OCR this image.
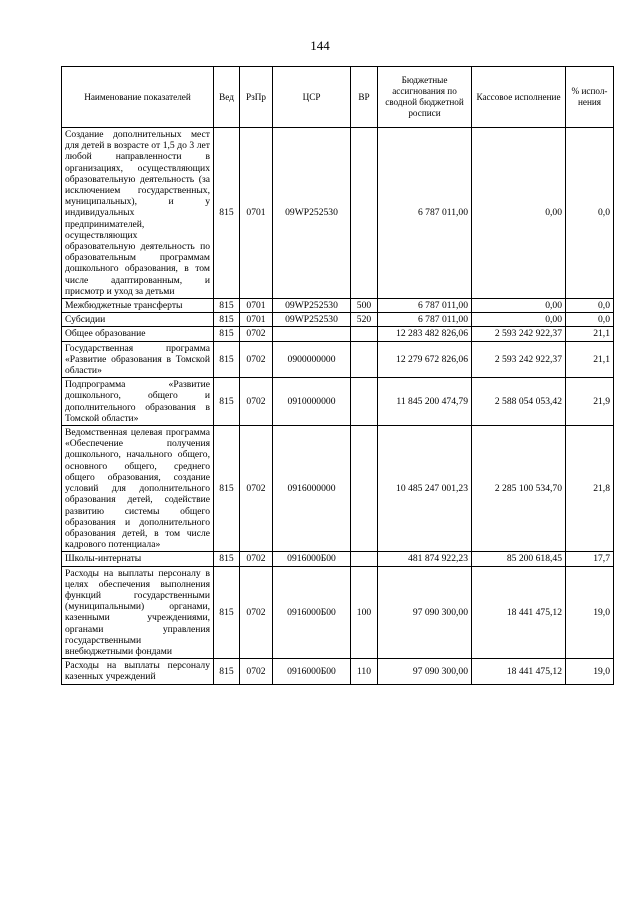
144
Наименование показателей	Вед	РзПр	ЦСР	ВР	Бюджетные ассигнования по сводной бюджетной росписи	Кассовое исполнение	% испол-нения
Создание дополнительных мест для детей в возрасте от 1,5 до 3 лет любой направленности в организациях, осуществляющих образовательную деятельность (за исключением государственных, муниципальных), и у индивидуальных предпринимателей, осуществляющих образовательную деятельность по образовательным программам дошкольного образования, в том числе адаптированным, и присмотр и уход за детьми	815	0701	09WP252530		6 787 011,00	0,00	0,0
Межбюджетные трансферты	815	0701	09WP252530	500	6 787 011,00	0,00	0,0
Субсидии	815	0701	09WP252530	520	6 787 011,00	0,00	0,0
Общее образование	815	0702			12 283 482 826,06	2 593 242 922,37	21,1
Государственная программа «Развитие образования в Томской области»	815	0702	0900000000		12 279 672 826,06	2 593 242 922,37	21,1
Подпрограмма «Развитие дошкольного, общего и дополнительного образования в Томской области»	815	0702	0910000000		11 845 200 474,79	2 588 054 053,42	21,9
Ведомственная целевая программа «Обеспечение получения дошкольного, начального общего, основного общего, среднего общего образования, создание условий для дополнительного образования детей, содействие развитию системы общего образования и дополнительного образования детей, в том числе кадрового потенциала»	815	0702	0916000000		10 485 247 001,23	2 285 100 534,70	21,8
Школы-интернаты	815	0702	0916000Б00		481 874 922,23	85 200 618,45	17,7
Расходы на выплаты персоналу в целях обеспечения выполнения функций государственными (муниципальными) органами, казенными учреждениями, органами управления государственными внебюджетными фондами	815	0702	0916000Б00	100	97 090 300,00	18 441 475,12	19,0
Расходы на выплаты персоналу казенных учреждений	815	0702	0916000Б00	110	97 090 300,00	18 441 475,12	19,0
